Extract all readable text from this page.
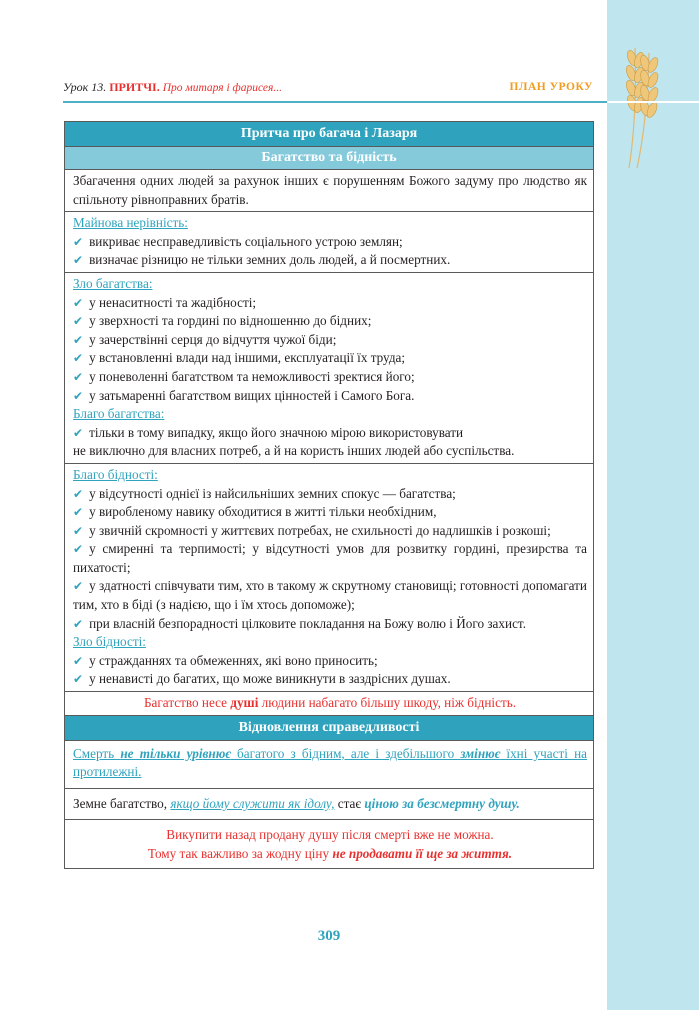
Урок 13. ПРИТЧІ. Про митаря і фарисея...	ПЛАН УРОКУ
Притча про багача і Лазаря
Багатство та бідність
Збагачення одних людей за рахунок інших є порушенням Божого задуму про людство як спільноту рівноправних братів.
Майнова нерівність:
✔ викриває несправедливість соціального устрою землян;
✔ визначає різницю не тільки земних доль людей, а й посмертних.
Зло багатства:
✔ у ненаситності та жадібності;
✔ у зверхності та гордині по відношенню до бідних;
✔ у зачерствінні серця до відчуття чужої біди;
✔ у встановленні влади над іншими, експлуатації їх труда;
✔ у поневоленні багатством та неможливості зректися його;
✔ у затьмаренні багатством вищих цінностей і Самого Бога.
Благо багатства:
✔ тільки в тому випадку, якщо його значною мірою використовувати
не виключно для власних потреб, а й на користь інших людей або суспільства.
Благо бідності:
✔ у відсутності однієї із найсильніших земних спокус — багатства;
✔ у виробленому навику обходитися в житті тільки необхідним,
✔ у звичній скромності у життєвих потребах, не схильності до надлишків і розкоші;
✔ у смиренні та терпимості; у відсутності умов для розвитку гордині, презирства та пихатості;
✔ у здатності співчувати тим, хто в такому ж скрутному становищі; готовності допомагати тим, хто в біді (з надією, що і їм хтось допоможе);
✔ при власній безпорадності цілковите покладання на Божу волю і Його захист.
Зло бідності:
✔ у стражданнях та обмеженнях, які воно приносить;
✔ у ненависті до багатих, що може виникнути в заздрісних душах.
Багатство несе душі людини набагато більшу шкоду, ніж бідність.
Відновлення справедливості
Смерть не тільки урівнює багатого з бідним, але і здебільшого змінює їхні участі на протилежні.
Земне багатство, якщо йому служити як ідолу, стає ціною за безсмертну душу.
Викупити назад продану душу після смерті вже не можна.
Тому так важливо за жодну ціну не продавати її ще за життя.
309
